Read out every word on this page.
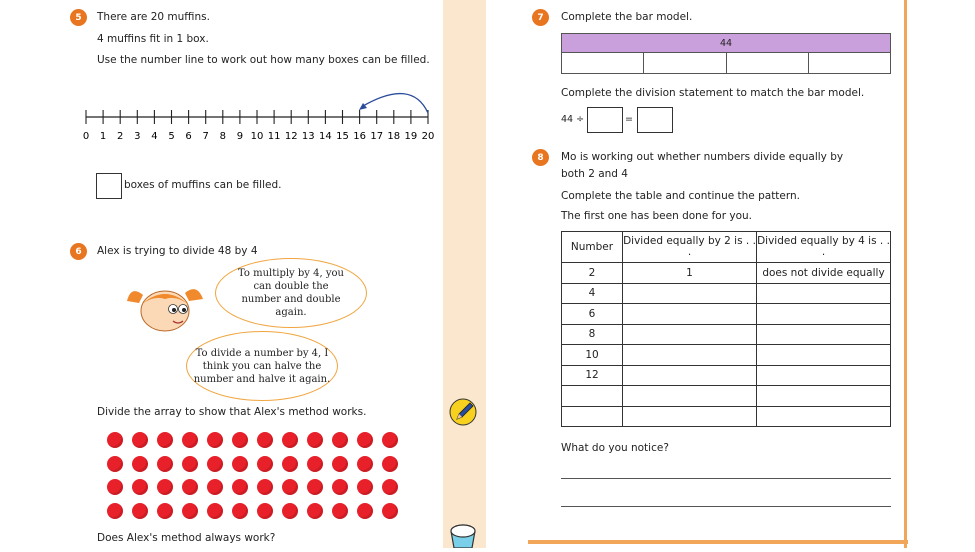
5	There are 20 muffins.
4 muffins fit in 1 box.
Use the number line to work out how many boxes can be filled.
0 1 2 3 4 5 6 7 8 9 10 11 12 13 14 15 16 17 18 19 20
boxes of muffins can be filled.
6	Alex is trying to divide 48 by 4
To multiply by 4, you can double the number and double again.
To divide a number by 4, I think you can halve the number and halve it again.
Divide the array to show that Alex's method works.
Does Alex's method always work?
7	Complete the bar model.
44
Complete the division statement to match the bar model.
44 ÷	=
8	Mo is working out whether numbers divide equally by
both 2 and 4
Complete the table and continue the pattern.
The first one has been done for you.
Number	Divided equally by 2 is . . .	Divided equally by 4 is . . .
2	1	does not divide equally
4		
6		
8		
10		
12		

What do you notice?
